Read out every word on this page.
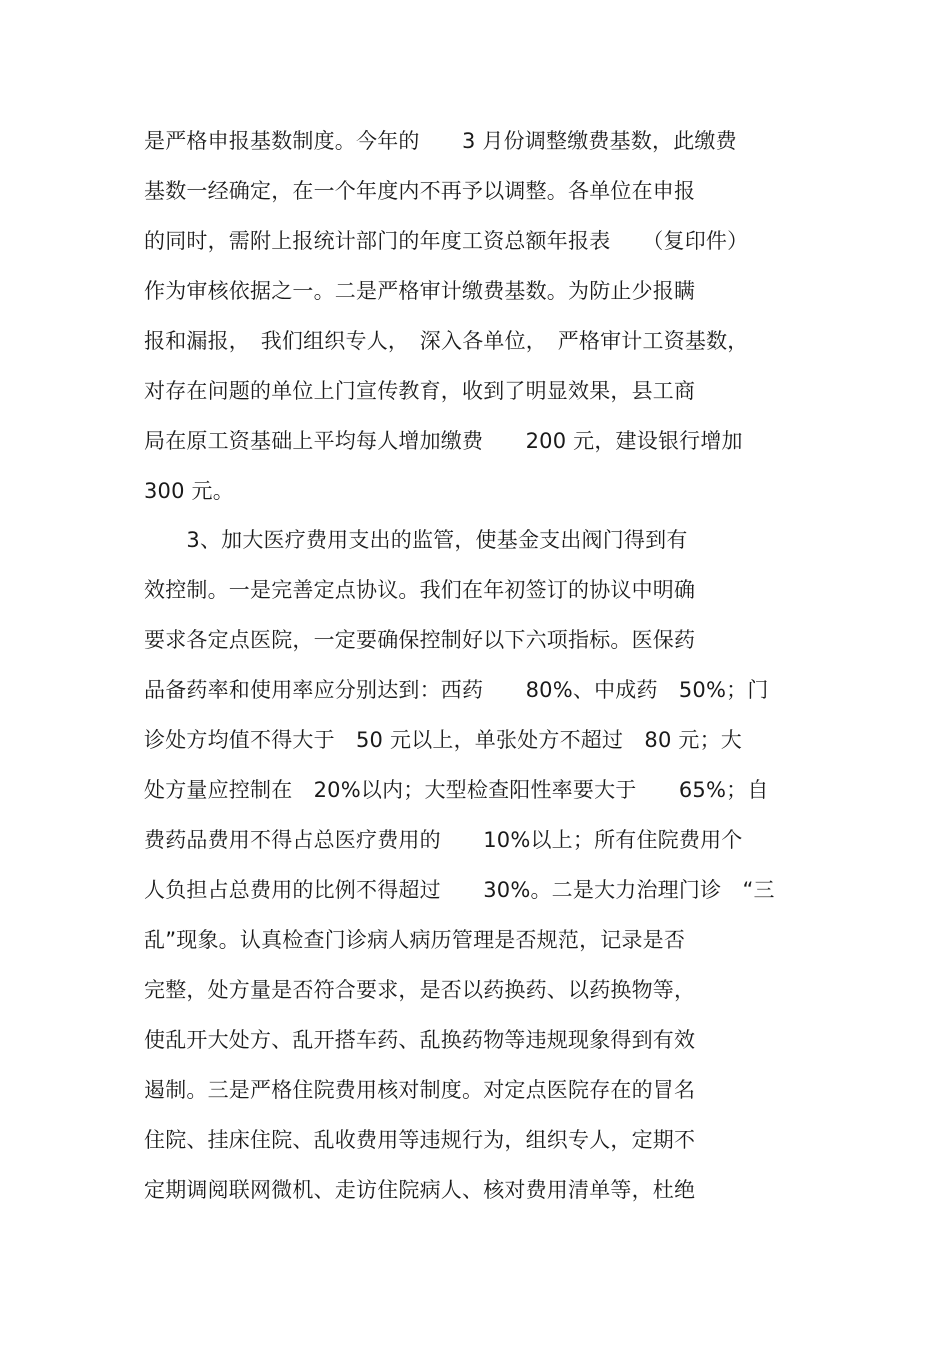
是严格申报基数制度。今年的　　3 月份调整缴费基数，此缴费
基数一经确定，在一个年度内不再予以调整。各单位在申报
的同时，需附上报统计部门的年度工资总额年报表　　（复印件）
作为审核依据之一。二是严格审计缴费基数。为防止少报瞒
报和漏报，　我们组织专人，　深入各单位，　严格审计工资基数，
对存在问题的单位上门宣传教育，收到了明显效果，县工商
局在原工资基础上平均每人增加缴费　　200 元，建设银行增加
300 元。
　　3、加大医疗费用支出的监管，使基金支出阀门得到有
效控制。一是完善定点协议。我们在年初签订的协议中明确
要求各定点医院，一定要确保控制好以下六项指标。医保药
品备药率和使用率应分别达到：西药　　80%、中成药　50%；门
诊处方均值不得大于　50 元以上，单张处方不超过　80 元；大
处方量应控制在　20%以内；大型检查阳性率要大于　　65%；自
费药品费用不得占总医疗费用的　　10%以上；所有住院费用个
人负担占总费用的比例不得超过　　30%。二是大力治理门诊　“三
乱”现象。认真检查门诊病人病历管理是否规范，记录是否
完整，处方量是否符合要求，是否以药换药、以药换物等，
使乱开大处方、乱开搭车药、乱换药物等违规现象得到有效
遏制。三是严格住院费用核对制度。对定点医院存在的冒名
住院、挂床住院、乱收费用等违规行为，组织专人，定期不
定期调阅联网微机、走访住院病人、核对费用清单等，杜绝
